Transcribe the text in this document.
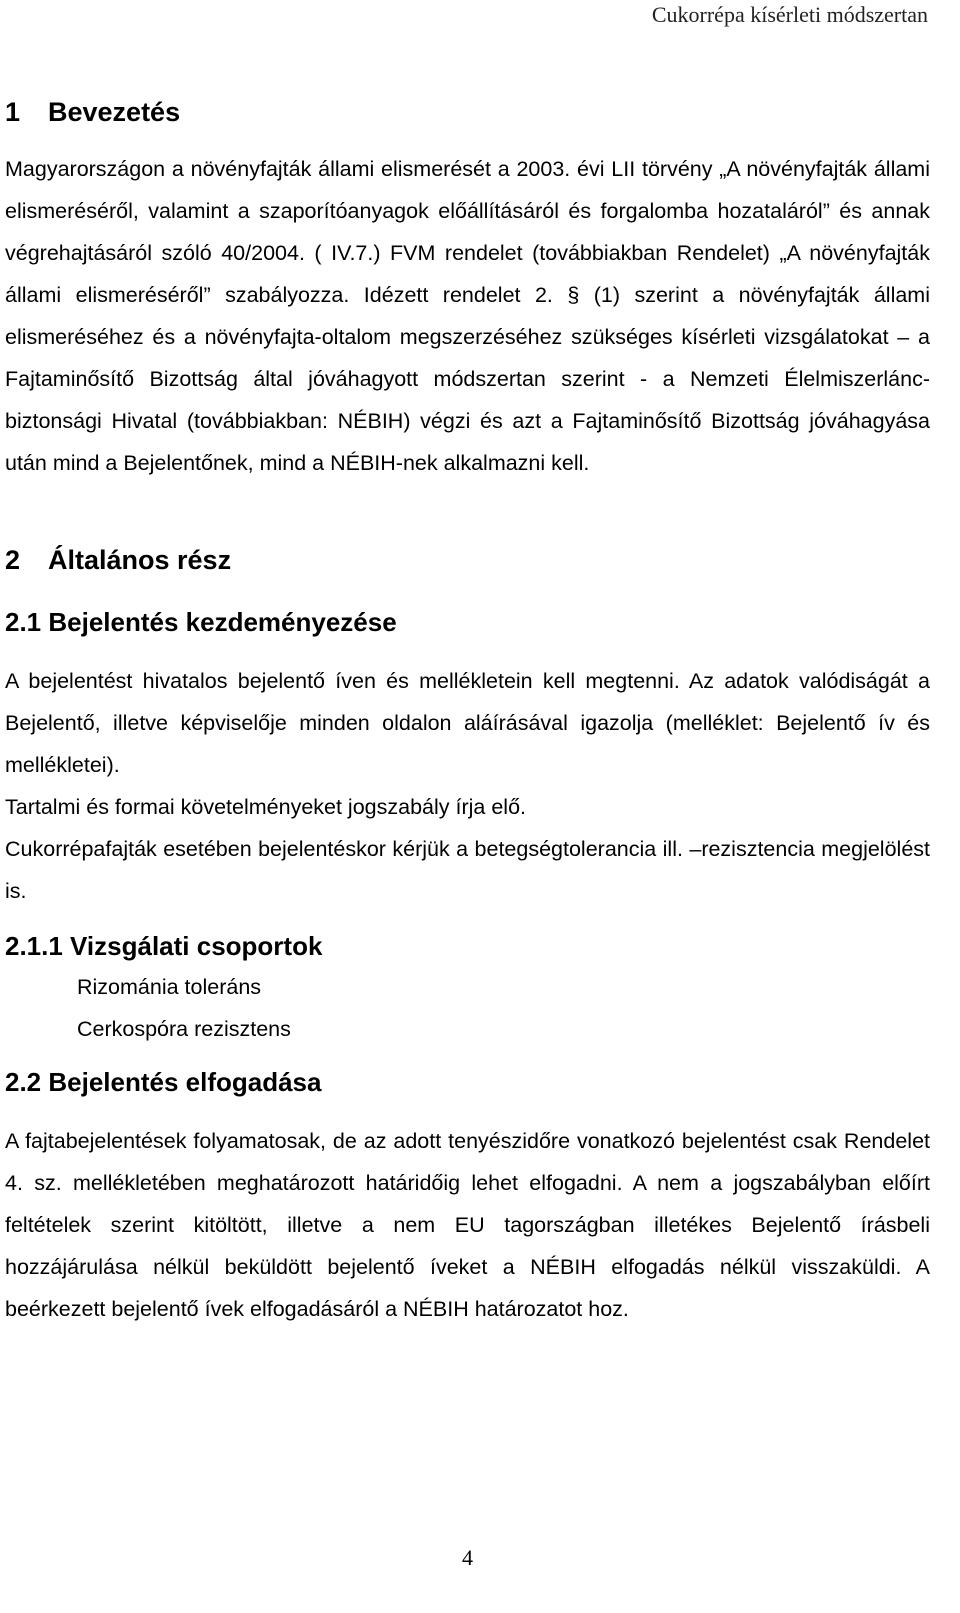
Cukorrépa kísérleti módszertan
1 Bevezetés

Magyarországon a növényfajták állami elismerését a 2003. évi LII törvény „A növényfajták állami elismeréséről, valamint a szaporítóanyagok előállításáról és forgalomba hozataláról” és annak végrehajtásáról szóló 40/2004. ( IV.7.) FVM rendelet (továbbiakban Rendelet) „A növényfajták állami elismeréséről” szabályozza. Idézett rendelet 2. § (1) szerint a növényfajták állami elismeréséhez és a növényfajta-oltalom megszerzéséhez szükséges kísérleti vizsgálatokat – a Fajtaminősítő Bizottság által jóváhagyott módszertan szerint - a Nemzeti Élelmiszerlánc-biztonsági Hivatal (továbbiakban: NÉBIH) végzi és azt a Fajtaminősítő Bizottság jóváhagyása után mind a Bejelentőnek, mind a NÉBIH-nek alkalmazni kell.

2 Általános rész
2.1 Bejelentés kezdeményezése

A bejelentést hivatalos bejelentő íven és mellékletein kell megtenni. Az adatok valódiságát a Bejelentő, illetve képviselője minden oldalon aláírásával igazolja (melléklet: Bejelentő ív és mellékletei).

Tartalmi és formai követelményeket jogszabály írja elő.

Cukorrépafajták esetében bejelentéskor kérjük a betegségtolerancia ill. –rezisztencia megjelölést is.

2.1.1 Vizsgálati csoportok

Rizománia toleráns

Cerkospóra rezisztens

2.2 Bejelentés elfogadása

A fajtabejelentések folyamatosak, de az adott tenyészidőre vonatkozó bejelentést csak Rendelet 4. sz. mellékletében meghatározott határidőig lehet elfogadni. A nem a jogszabályban előírt feltételek szerint kitöltött, illetve a nem EU tagországban illetékes Bejelentő írásbeli hozzájárulása nélkül beküldött bejelentő íveket a NÉBIH elfogadás nélkül visszaküldi. A beérkezett bejelentő ívek elfogadásáról a NÉBIH határozatot hoz.

4
